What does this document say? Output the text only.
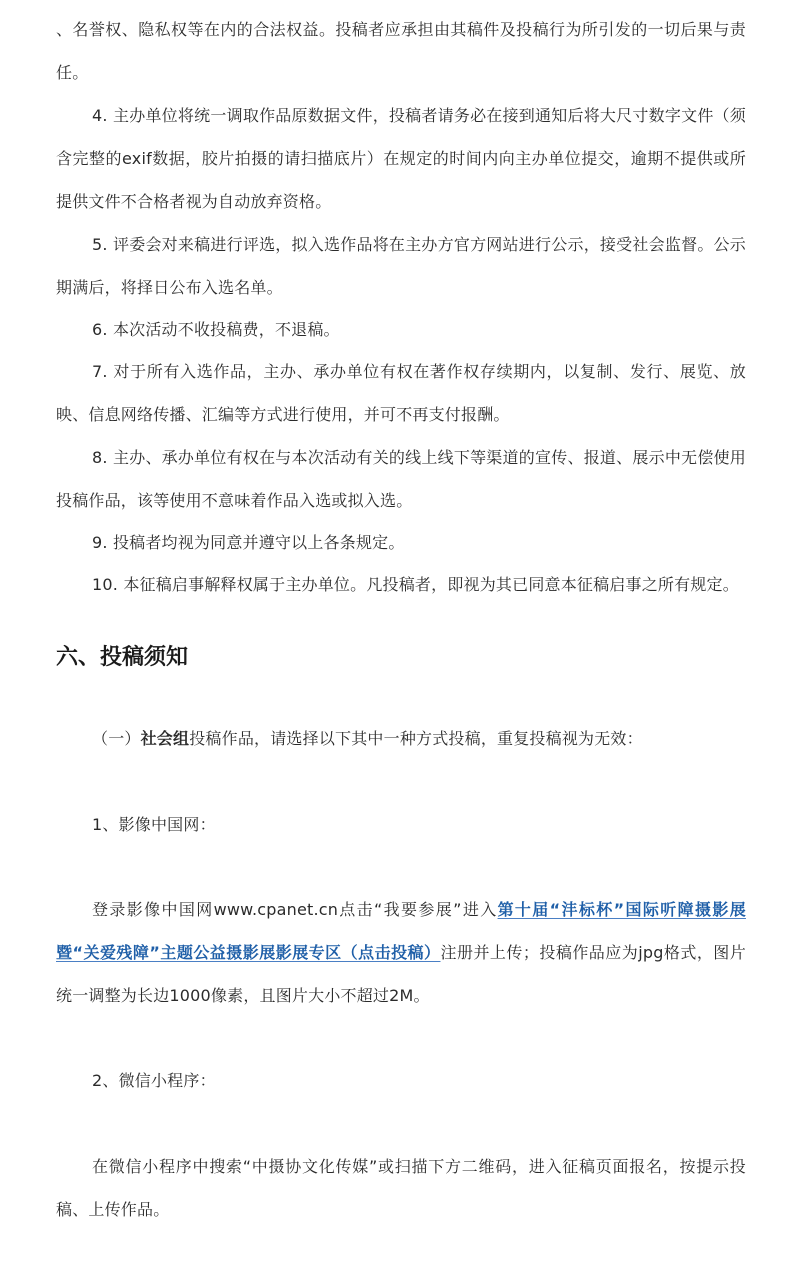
、名誉权、隐私权等在内的合法权益。投稿者应承担由其稿件及投稿行为所引发的一切后果与责任。

4. 主办单位将统一调取作品原数据文件，投稿者请务必在接到通知后将大尺寸数字文件（须含完整的exif数据，胶片拍摄的请扫描底片）在规定的时间内向主办单位提交，逾期不提供或所提供文件不合格者视为自动放弃资格。

5. 评委会对来稿进行评选，拟入选作品将在主办方官方网站进行公示，接受社会监督。公示期满后，将择日公布入选名单。

6. 本次活动不收投稿费，不退稿。

7. 对于所有入选作品，主办、承办单位有权在著作权存续期内，以复制、发行、展览、放映、信息网络传播、汇编等方式进行使用，并可不再支付报酬。

8. 主办、承办单位有权在与本次活动有关的线上线下等渠道的宣传、报道、展示中无偿使用投稿作品，该等使用不意味着作品入选或拟入选。

9. 投稿者均视为同意并遵守以上各条规定。

10. 本征稿启事解释权属于主办单位。凡投稿者，即视为其已同意本征稿启事之所有规定。

六、投稿须知

（一）社会组投稿作品，请选择以下其中一种方式投稿，重复投稿视为无效：

1、影像中国网：

登录影像中国网www.cpanet.cn点击“我要参展”进入第十届“沣标杯”国际听障摄影展暨“关爱残障”主题公益摄影展影展专区（点击投稿）注册并上传；投稿作品应为jpg格式，图片统一调整为长边1000像素，且图片大小不超过2M。

2、微信小程序：

在微信小程序中搜索“中摄协文化传媒”或扫描下方二维码，进入征稿页面报名，按提示投稿、上传作品。
